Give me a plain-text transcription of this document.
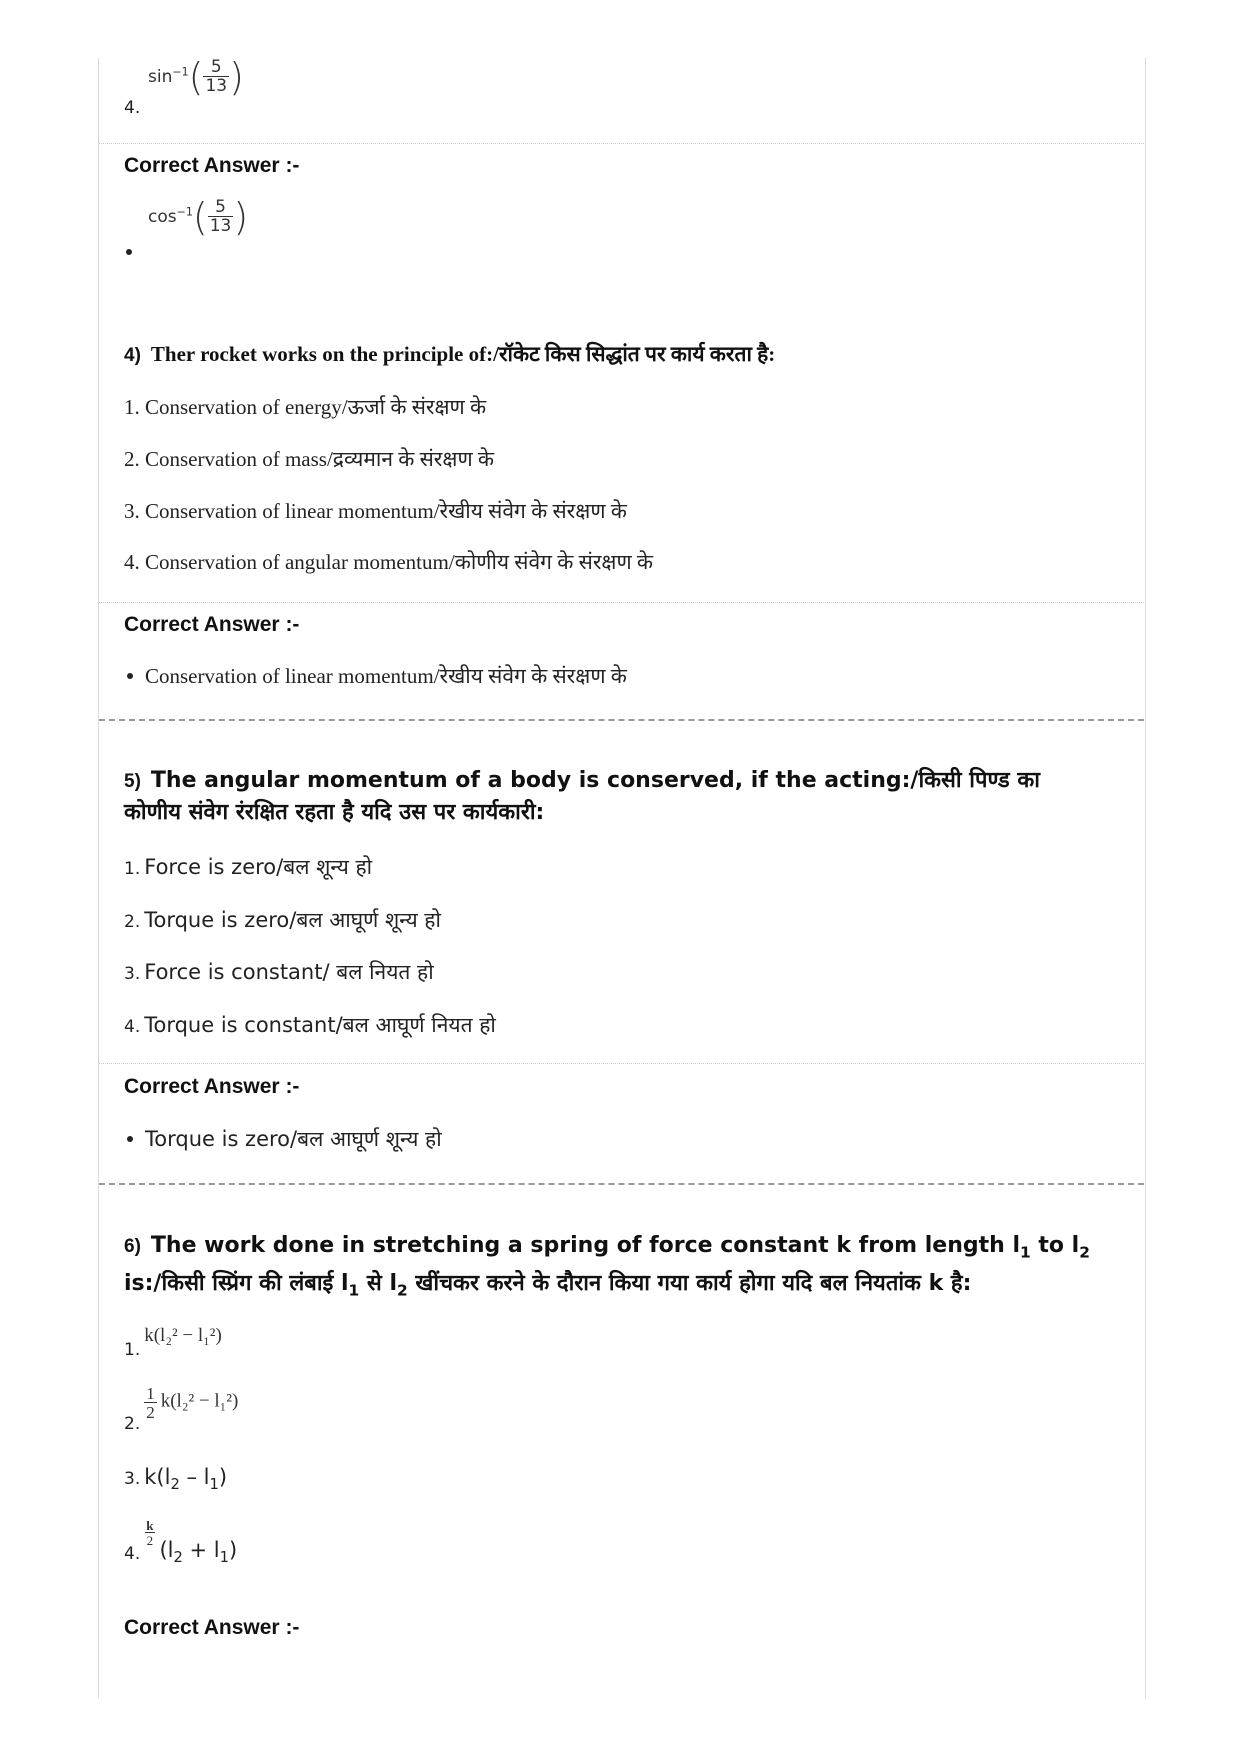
4.
$\sin^{-1}( \frac{5}{13}$ )
Correct Answer :-
$\cos^{-1}( \frac{5}{13}$ )
4) Ther rocket works on the principle of:/रॉकेट किस सिद्धांत पर कार्य करता है:
1. Conservation of energy/ऊर्जा के संरक्षण के
2. Conservation of mass/द्रव्यमान के संरक्षण के
3. Conservation of linear momentum/रेखीय संवेग के संरक्षण के
4. Conservation of angular momentum/कोणीय संवेग के संरक्षण के
Correct Answer :-
Conservation of linear momentum/रेखीय संवेग के संरक्षण के
5) The angular momentum of a body is conserved, if the acting:/किसी पिण्ड का
कोणीय संवेग रंरक्षित रहता है यदि उस पर कार्यकारी:
1. Force is zero/बल शून्य हो
2. Torque is zero/बल आघूर्ण शून्य हो
3. Force is constant/ बल नियत हो
4. Torque is constant/बल आघूर्ण नियत हो
Correct Answer :-
Torque is zero/बल आघूर्ण शून्य हो
6) The work done in stretching a spring of force constant k from length $l_1$ to $l_2$
is:/किसी स्प्रिंग की लंबाई $l_1$ से $l_2$ खींचकर करने के दौरान किया गया कार्य होगा यदि बल नियतांक k है:
1. k(l₂² − l₁²)
2.
$\frac{1}{2} k(l_2^2 - l_1^2)$
3. $k(l_2 - l_1)$
4.
$\frac{k}{2}$
$(l_2 + l_1)$
Correct Answer :-
